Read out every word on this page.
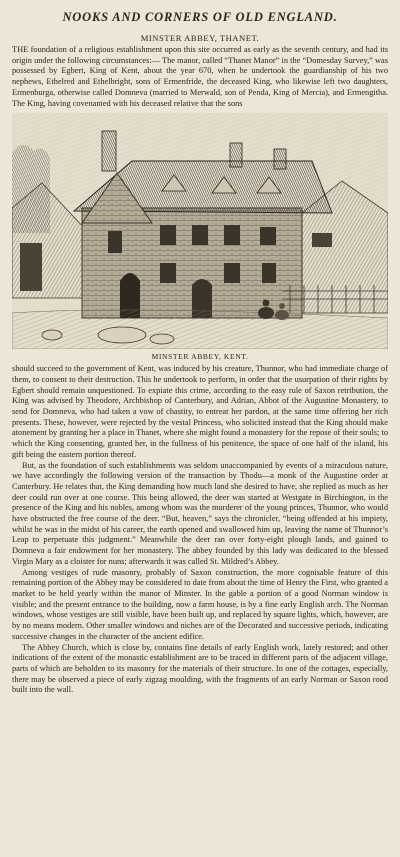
NOOKS AND CORNERS OF OLD ENGLAND.
MINSTER ABBEY, THANET.

THE foundation of a religious establishment upon this site occurred as early as the seventh century, and had its origin under the following circumstances:— The manor, called “Thanet Manor” in the “Domesday Survey,” was possessed by Egbert, King of Kent, about the year 670, when he undertook the guardianship of his two nephews, Ethelred and Ethelbright, sons of Ermenfride, the deceased King, who likewise left two daughters, Ermenburga, otherwise called Domneva (married to Merwald, son of Penda, King of Mercia), and Ermengitha. The King, having covenanted with his deceased relative that the sons

MINSTER ABBEY, KENT.

should succeed to the government of Kent, was induced by his creature, Thunnor, who had immediate charge of them, to consent to their destruction. This he undertook to perform, in order that the usurpation of their rights by Egbert should remain unquestioned. To expiate this crime, according to the easy rule of Saxon retribution, the King was advised by Theodore, Archbishop of Canterbury, and Adrian, Abbot of the Augustine Monastery, to send for Domneva, who had taken a vow of chastity, to entreat her pardon, at the same time offering her rich presents. These, however, were rejected by the vestal Princess, who solicited instead that the King should make atonement by granting her a place in Thanet, where she might found a monastery for the repose of their souls; to which the King consenting, granted her, in the fullness of his penitence, the space of one half of the island, his gift being the eastern portion thereof.

But, as the foundation of such establishments was seldom unaccompanied by events of a miraculous nature, we have accordingly the following version of the transaction by Thodu—a monk of the Augustine order at Canterbury. He relates that, the King demanding how much land she desired to have, she replied as much as her deer could run over at one course. This being allowed, the deer was started at Westgate in Birchington, in the presence of the King and his nobles, among whom was the murderer of the young princes, Thunnor, who would have obstructed the free course of the deer. “But, heaven,” says the chronicler, “being offended at his impiety, whilst he was in the midst of his career, the earth opened and swallowed him up, leaving the name of Thunnor’s Leap to perpetuate this judgment.” Meanwhile the deer ran over forty-eight plough lands, and gained to Domneva a fair endowment for her monastery. The abbey founded by this lady was dedicated to the blessed Virgin Mary as a cloister for nuns; afterwards it was called St. Mildred’s Abbey.

Among vestiges of rude masonry, probably of Saxon construction, the more cognisable feature of this remaining portion of the Abbey may be considered to date from about the time of Henry the First, who granted a market to be held yearly within the manor of Minster. In the gable a portion of a good Norman window is visible; and the present entrance to the building, now a farm house, is by a fine early English arch. The Norman windows, whose vestiges are still visible, have been built up, and replaced by square lights, which, however, are by no means modern. Other smaller windows and niches are of the Decorated and successive periods, indicating successive changes in the character of the ancient edifice.

The Abbey Church, which is close by, contains fine details of early English work, lately restored; and other indications of the extent of the monastic establishment are to be traced in different parts of the adjacent village, parts of which are beholden to its masonry for the materials of their structure. In one of the cottages, especially, there may be observed a piece of early zigzag moulding, with the fragments of an early Norman or Saxon rood built into the wall.
